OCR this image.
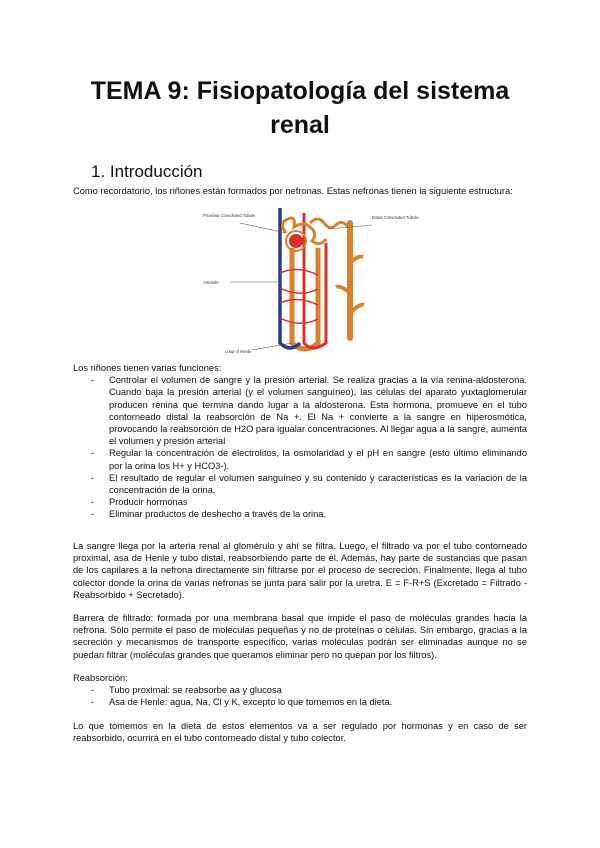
TEMA 9: Fisiopatología del sistema renal
1. Introducción

Como recordatorio, los riñones están formados por nefronas. Estas nefronas tienen la siguiente estructura:

Proximal Convoluted Tubule	Distal Convoluted Tubule
Arteriole
Loop of Henle
Los riñones tienen varias funciones:
- Controlar el volumen de sangre y la presión arterial. Se realiza gracias a la vía renina-aldosterona. Cuando baja la presión arterial (y el volumen sanguíneo), las células del aparato yuxtaglomerular producen renina que termina dando lugar a la aldosterona. Esta hormona, promueve en el tubo contorneado distal la reabsorción de Na +. El Na + convierte a la sangre en hiperosmótica, provocando la reabsorción de H2O para igualar concentraciones. Al llegar agua a la sangre, aumenta el volumen y presión arterial
- Regular la concentración de electrolitos, la osmolaridad y el pH en sangre (esto último eliminando por la orina los H+ y HCO3-).
- El resultado de regular el volumen sanguíneo y su contenido y características es la variación de la concentración de la orina.
- Producir hormonas
- Eliminar productos de deshecho a través de la orina.

La sangre llega por la arteria renal al glomérulo y ahí se filtra. Luego, el filtrado va por el tubo contorneado proximal, asa de Henle y tubo distal, reabsorbiendo parte de él. Además, hay parte de sustancias que pasan de los capilares a la nefrona directamente sin filtrarse por el proceso de secreción. Finalmente, llega al tubo colector donde la orina de varias nefronas se junta para salir por la uretra. E = F-R+S (Excretado = Filtrado - Reabsorbido + Secretado).

Barrera de filtrado: formada por una membrana basal que impide el paso de moléculas grandes hacia la nefrona. Sólo permite el paso de moléculas pequeñas y no de proteínas o células. Sin embargo, gracias a la secreción y mecanismos de transporte específico, varias moléculas podrán ser eliminadas aunque no se puedan filtrar (moléculas grandes que queramos eliminar pero no quepan por los filtros).

Reabsorción:
- Tubo proximal: se reabsorbe aa y glucosa
- Asa de Henle: agua, Na, Cl y K, excepto lo que tomemos en la dieta.

Lo que tomemos en la dieta de estos elementos va a ser regulado por hormonas y en caso de ser reabsorbido, ocurrirá en el tubo contorneado distal y tubo colector.
